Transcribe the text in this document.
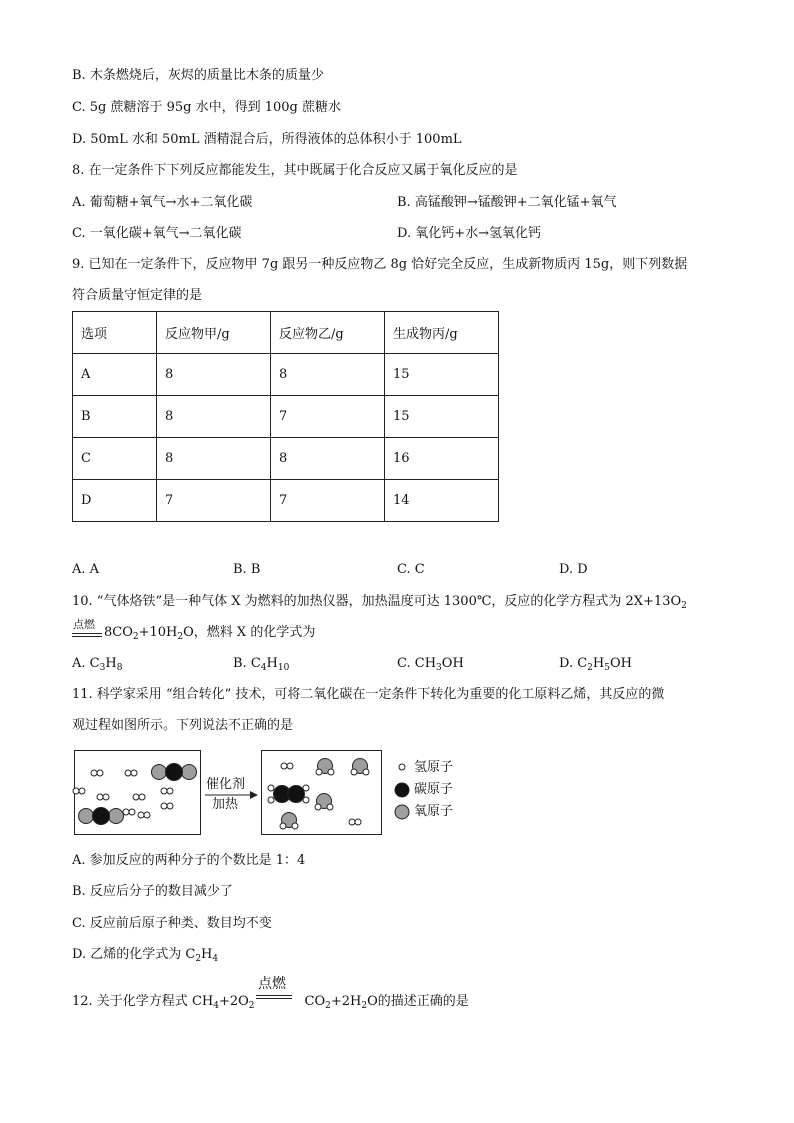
B. 木条燃烧后，灰烬的质量比木条的质量少
C. 5g 蔗糖溶于 95g 水中，得到 100g 蔗糖水
D. 50mL 水和 50mL 酒精混合后，所得液体的总体积小于 100mL
8. 在一定条件下下列反应都能发生，其中既属于化合反应又属于氧化反应的是
A. 葡萄糖+氧气→水+二氧化碳	B. 高锰酸钾→锰酸钾+二氧化锰+氧气
C. 一氧化碳+氧气→二氧化碳	D. 氧化钙+水→氢氧化钙
9. 已知在一定条件下，反应物甲 7g 跟另一种反应物乙 8g 恰好完全反应，生成新物质丙 15g，则下列数据
符合质量守恒定律的是
选项	反应物甲/g	反应物乙/g	生成物丙/g
A	8	8	15
B	8	7	15
C	8	8	16
D	7	7	14
A. A	B. B	C. C	D. D
10. “气体烙铁”是一种气体 X 为燃料的加热仪器，加热温度可达 1300℃，反应的化学方程式为 $2X+13O_2$
点燃
$8CO_2+10H_2O$，燃料 X 的化学式为
A. $C_3H_8$	B. $C_4H_{10}$	C. $CH_3OH$	D. $C_2H_5OH$
11. 科学家采用 “组合转化” 技术，可将二氧化碳在一定条件下转化为重要的化工原料乙烯，其反应的微
观过程如图所示。下列说法不正确的是
催化剂
加热
氢原子
碳原子
氧原子
A. 参加反应的两种分子的个数比是 1：4
B. 反应后分子的数目减少了
C. 反应前后原子种类、数目均不变
D. 乙烯的化学式为 $C_2H_4$
12. 关于化学方程式 $CH_4+2O_2$	$CO_2+2H_2O$的描述正确的是
点燃
